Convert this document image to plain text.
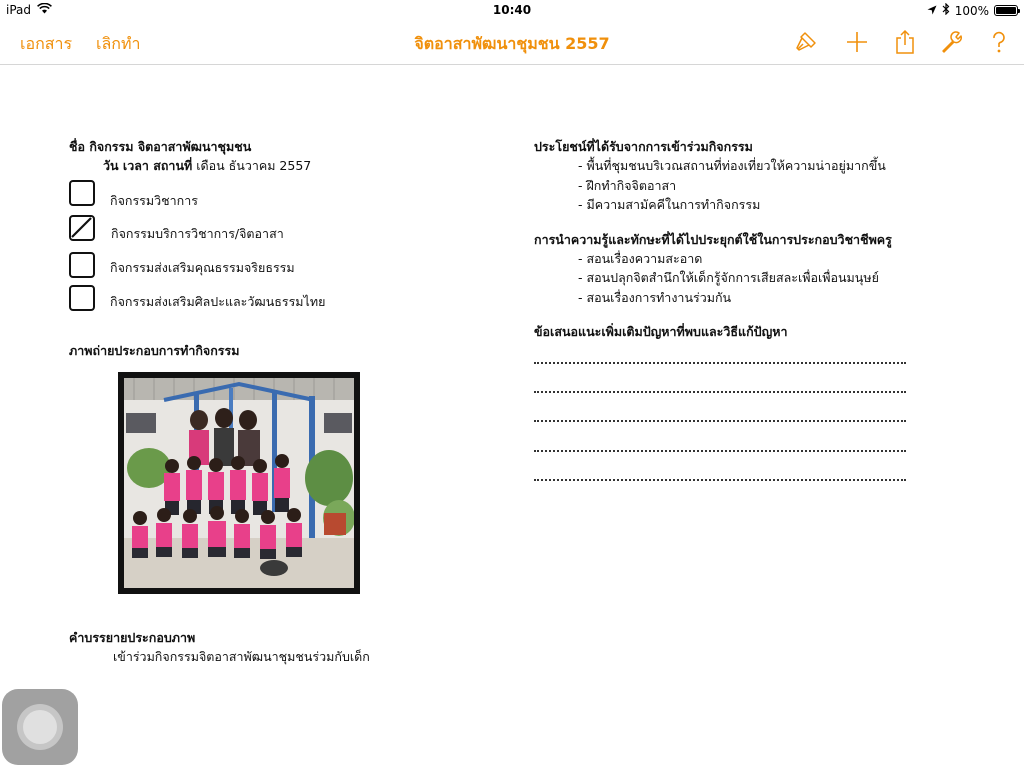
iPad	10:40	100%
เอกสาร เลิกทำ	จิตอาสาพัฒนาชุมชน 2557
ชื่อ กิจกรรม จิตอาสาพัฒนาชุมชน
วัน เวลา สถานที่ เดือน ธันวาคม 2557
กิจกรรมวิชาการ
กิจกรรมบริการวิชาการ/จิตอาสา
กิจกรรมส่งเสริมคุณธรรมจริยธรรม
กิจกรรมส่งเสริมศิลปะและวัฒนธรรมไทย
ภาพถ่ายประกอบการทำกิจกรรม
คำบรรยายประกอบภาพ
เข้าร่วมกิจกรรมจิตอาสาพัฒนาชุมชนร่วมกับเด็ก
ประโยชน์ที่ได้รับจากการเข้าร่วมกิจกรรม
- พื้นที่ชุมชนบริเวณสถานที่ท่องเที่ยวให้ความน่าอยู่มากขึ้น
- ฝึกทำกิจจิตอาสา
- มีความสามัคคีในการทำกิจกรรม
การนำความรู้และทักษะที่ได้ไปประยุกต์ใช้ในการประกอบวิชาชีพครู
- สอนเรื่องความสะอาด
- สอนปลุกจิตสำนึกให้เด็กรู้จักการเสียสละเพื่อเพื่อนมนุษย์
- สอนเรื่องการทำงานร่วมกัน
ข้อเสนอแนะเพิ่มเติมปัญหาที่พบและวิธีแก้ปัญหา
